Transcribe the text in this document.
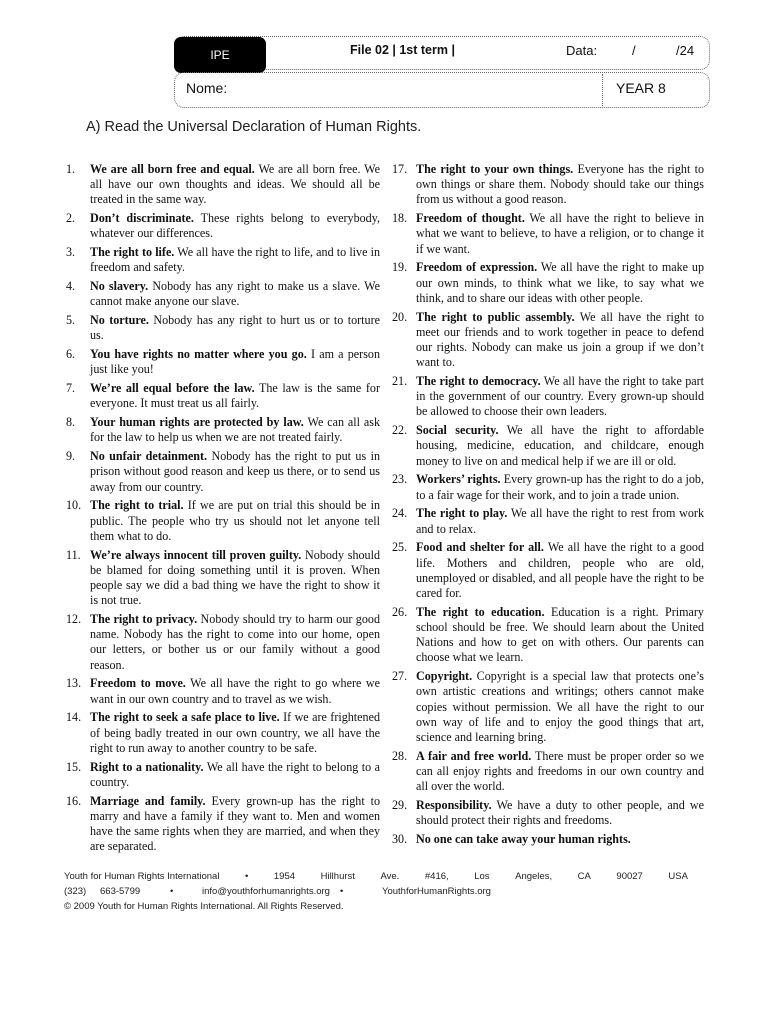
IPE	File 02 | 1st term |	Data:	/	/24
Nome:	YEAR 8
A) Read the Universal Declaration of Human Rights.
1. We are all born free and equal. We are all born free. We all have our own thoughts and ideas. We should all be treated in the same way.
2. Don’t discriminate. These rights belong to everybody, whatever our differences.
3. The right to life. We all have the right to life, and to live in freedom and safety.
4. No slavery. Nobody has any right to make us a slave. We cannot make anyone our slave.
5. No torture. Nobody has any right to hurt us or to torture us.
6. You have rights no matter where you go. I am a person just like you!
7. We’re all equal before the law. The law is the same for everyone. It must treat us all fairly.
8. Your human rights are protected by law. We can all ask for the law to help us when we are not treated fairly.
9. No unfair detainment. Nobody has the right to put us in prison without good reason and keep us there, or to send us away from our country.
10. The right to trial. If we are put on trial this should be in public. The people who try us should not let anyone tell them what to do.
11. We’re always innocent till proven guilty. Nobody should be blamed for doing something until it is proven. When people say we did a bad thing we have the right to show it is not true.
12. The right to privacy. Nobody should try to harm our good name. Nobody has the right to come into our home, open our letters, or bother us or our family without a good reason.
13. Freedom to move. We all have the right to go where we want in our own country and to travel as we wish.
14. The right to seek a safe place to live. If we are frightened of being badly treated in our own country, we all have the right to run away to another country to be safe.
15. Right to a nationality. We all have the right to belong to a country.
16. Marriage and family. Every grown-up has the right to marry and have a family if they want to. Men and women have the same rights when they are married, and when they are separated.
17. The right to your own things. Everyone has the right to own things or share them. Nobody should take our things from us without a good reason.
18. Freedom of thought. We all have the right to believe in what we want to believe, to have a religion, or to change it if we want.
19. Freedom of expression. We all have the right to make up our own minds, to think what we like, to say what we think, and to share our ideas with other people.
20. The right to public assembly. We all have the right to meet our friends and to work together in peace to defend our rights. Nobody can make us join a group if we don’t want to.
21. The right to democracy. We all have the right to take part in the government of our country. Every grown-up should be allowed to choose their own leaders.
22. Social security. We all have the right to affordable housing, medicine, education, and childcare, enough money to live on and medical help if we are ill or old.
23. Workers’ rights. Every grown-up has the right to do a job, to a fair wage for their work, and to join a trade union.
24. The right to play. We all have the right to rest from work and to relax.
25. Food and shelter for all. We all have the right to a good life. Mothers and children, people who are old, unemployed or disabled, and all people have the right to be cared for.
26. The right to education. Education is a right. Primary school should be free. We should learn about the United Nations and how to get on with others. Our parents can choose what we learn.
27. Copyright. Copyright is a special law that protects one’s own artistic creations and writings; others cannot make copies without permission. We all have the right to our own way of life and to enjoy the good things that art, science and learning bring.
28. A fair and free world. There must be proper order so we can all enjoy rights and freedoms in our own country and all over the world.
29. Responsibility. We have a duty to other people, and we should protect their rights and freedoms.
30. No one can take away your human rights.
Youth for Human Rights International	•	1954	Hillhurst	Ave.	#416,	Los	Angeles,	CA	90027	USA
(323) 663-5799	•	info@youthforhumanrights.org •	YouthforHumanRights.org
© 2009 Youth for Human Rights International. All Rights Reserved.
